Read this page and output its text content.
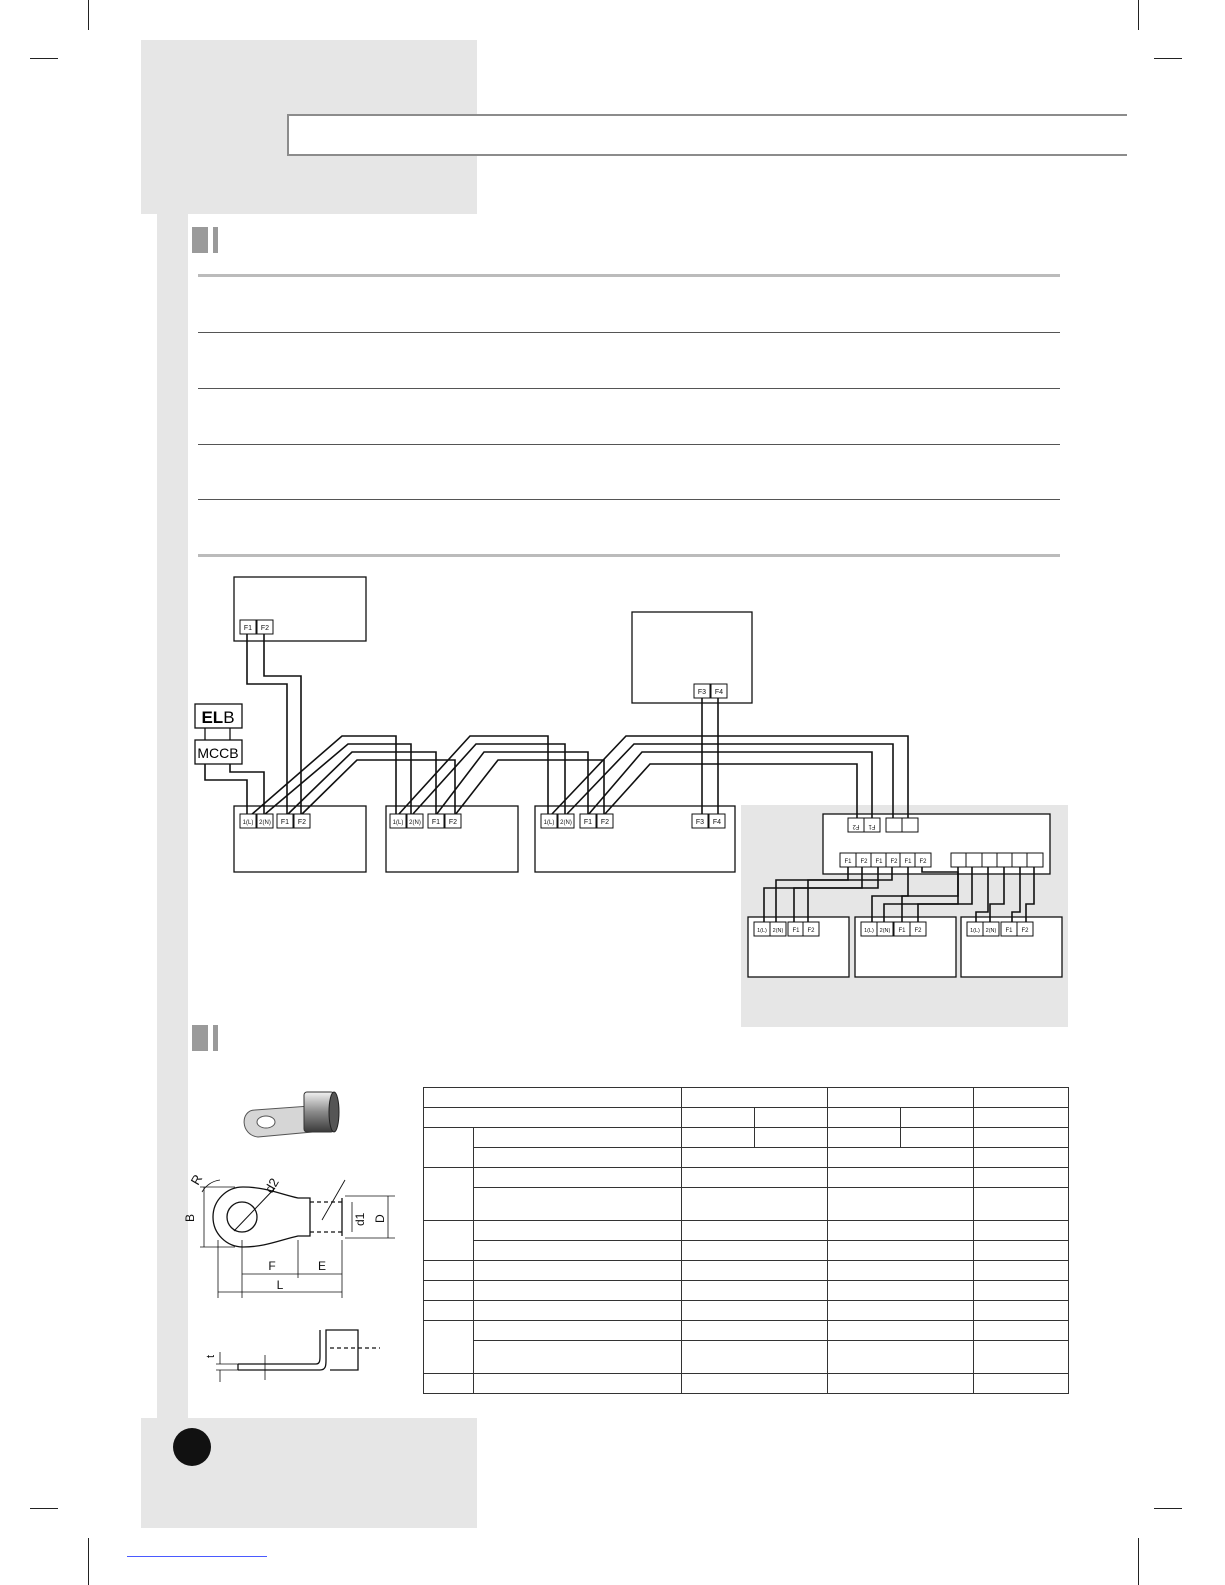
ELB
MCCB
F1 F2
F3 F4
1(L) 2(N) F1 F2	1(L) 2(N) F1 F2	1(L) 2(N) F1 F2	F3 F4	F2 F1
F1 F2 F1 F2 F1 F2
1(L) 2(N) F1 F2	1(L) 2(N) F1 F2	1(L) 2(N) F1 F2
R	d2
B	d1 D
F	E
L
t
